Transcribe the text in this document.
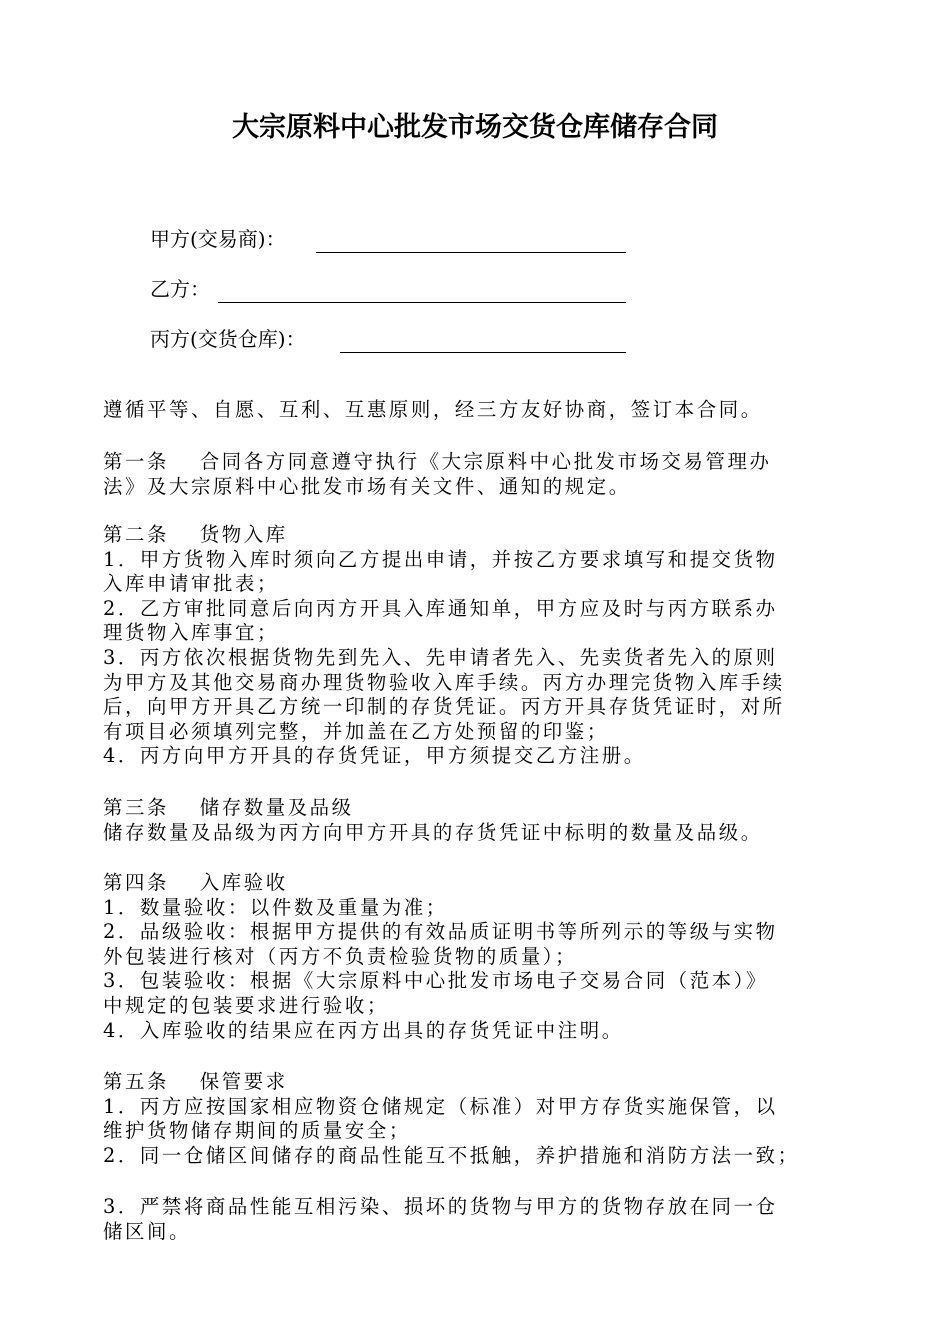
大宗原料中心批发市场交货仓库储存合同
甲方(交易商)：
乙方：
丙方(交货仓库)：
遵循平等、自愿、互利、互惠原则，经三方友好协商，签订本合同。
第一条　 合同各方同意遵守执行《大宗原料中心批发市场交易管理办
法》及大宗原料中心批发市场有关文件、通知的规定。
第二条　 货物入库
1．甲方货物入库时须向乙方提出申请，并按乙方要求填写和提交货物
入库申请审批表；
2．乙方审批同意后向丙方开具入库通知单，甲方应及时与丙方联系办
理货物入库事宜；
3．丙方依次根据货物先到先入、先申请者先入、先卖货者先入的原则
为甲方及其他交易商办理货物验收入库手续。丙方办理完货物入库手续
后，向甲方开具乙方统一印制的存货凭证。丙方开具存货凭证时，对所
有项目必须填列完整，并加盖在乙方处预留的印鉴；
4．丙方向甲方开具的存货凭证，甲方须提交乙方注册。
第三条　 储存数量及品级
储存数量及品级为丙方向甲方开具的存货凭证中标明的数量及品级。
第四条　 入库验收
1．数量验收：以件数及重量为准；
2．品级验收：根据甲方提供的有效品质证明书等所列示的等级与实物
外包装进行核对（丙方不负责检验货物的质量）；
3．包装验收：根据《大宗原料中心批发市场电子交易合同（范本）》
中规定的包装要求进行验收；
4．入库验收的结果应在丙方出具的存货凭证中注明。
第五条　 保管要求
1．丙方应按国家相应物资仓储规定（标准）对甲方存货实施保管，以
维护货物储存期间的质量安全；
2．同一仓储区间储存的商品性能互不抵触，养护措施和消防方法一致；
3．严禁将商品性能互相污染、损坏的货物与甲方的货物存放在同一仓
储区间。
